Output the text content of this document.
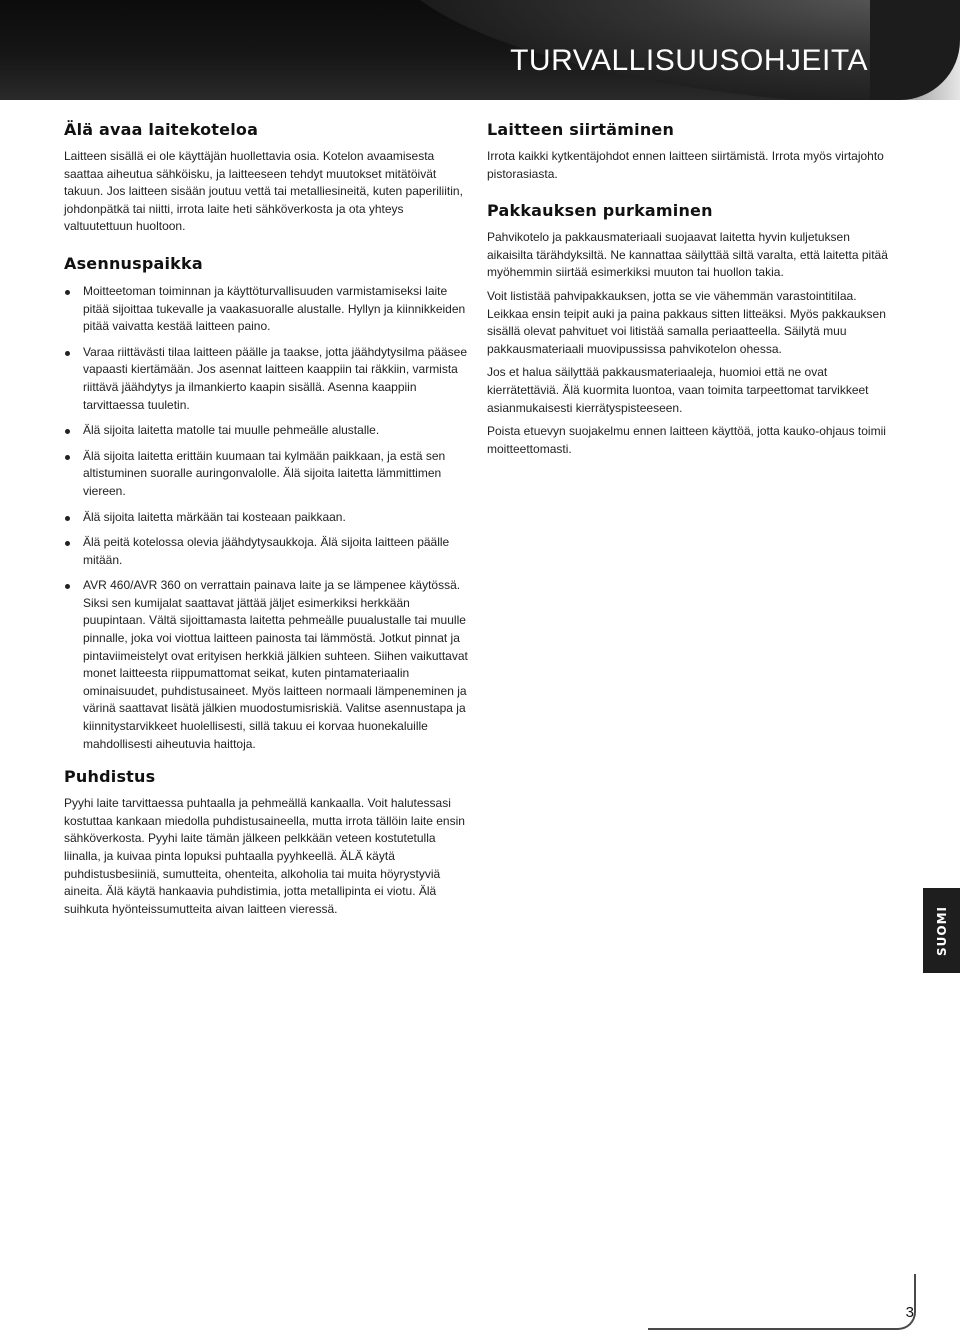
TURVALLISUUSOHJEITA
Älä avaa laitekoteloa

Laitteen sisällä ei ole käyttäjän huollettavia osia. Kotelon avaamisesta saattaa aiheutua sähköisku, ja laitteeseen tehdyt muutokset mitätöivät takuun. Jos laitteen sisään joutuu vettä tai metalliesineitä, kuten paperiliitin, johdonpätkä tai niitti, irrota laite heti sähköverkosta ja ota yhteys valtuutettuun huoltoon.

Asennuspaikka
Moitteetoman toiminnan ja käyttöturvallisuuden varmistamiseksi laite pitää sijoittaa tukevalle ja vaakasuoralle alustalle. Hyllyn ja kiinnikkeiden pitää vaivatta kestää laitteen paino.
Varaa riittävästi tilaa laitteen päälle ja taakse, jotta jäähdytysilma pääsee vapaasti kiertämään. Jos asennat laitteen kaappiin tai räkkiin, varmista riittävä jäähdytys ja ilmankierto kaapin sisällä. Asenna kaappiin tarvittaessa tuuletin.
Älä sijoita laitetta matolle tai muulle pehmeälle alustalle.
Älä sijoita laitetta erittäin kuumaan tai kylmään paikkaan, ja estä sen altistuminen suoralle auringonvalolle. Älä sijoita laitetta lämmittimen viereen.
Älä sijoita laitetta märkään tai kosteaan paikkaan.
Älä peitä kotelossa olevia jäähdytysaukkoja. Älä sijoita laitteen päälle mitään.
AVR 460/AVR 360 on verrattain painava laite ja se lämpenee käytössä. Siksi sen kumijalat saattavat jättää jäljet esimerkiksi herkkään puupintaan. Vältä sijoittamasta laitetta pehmeälle puualustalle tai muulle pinnalle, joka voi viottua laitteen painosta tai lämmöstä. Jotkut pinnat ja pintaviimeistelyt ovat erityisen herkkiä jälkien suhteen. Siihen vaikuttavat monet laitteesta riippumattomat seikat, kuten pintamateriaalin ominaisuudet, puhdistusaineet. Myös laitteen normaali lämpeneminen ja värinä saattavat lisätä jälkien muodostumisriskiä. Valitse asennustapa ja kiinnitystarvikkeet huolellisesti, sillä takuu ei korvaa huonekaluille mahdollisesti aiheutuvia haittoja.
Puhdistus

Pyyhi laite tarvittaessa puhtaalla ja pehmeällä kankaalla. Voit halutessasi kostuttaa kankaan miedolla puhdistusaineella, mutta irrota tällöin laite ensin sähköverkosta. Pyyhi laite tämän jälkeen pelkkään veteen kostutetulla liinalla, ja kuivaa pinta lopuksi puhtaalla pyyhkeellä. ÄLÄ käytä puhdistusbesiiniä, sumutteita, ohenteita, alkoholia tai muita höyrystyviä aineita. Älä käytä hankaavia puhdistimia, jotta metallipinta ei viotu. Älä suihkuta hyönteissumutteita aivan laitteen vieressä.

Laitteen siirtäminen

Irrota kaikki kytkentäjohdot ennen laitteen siirtämistä. Irrota myös virtajohto pistorasiasta.

Pakkauksen purkaminen

Pahvikotelo ja pakkausmateriaali suojaavat laitetta hyvin kuljetuksen aikaisilta tärähdyksiltä. Ne kannattaa säilyttää siltä varalta, että laitetta pitää myöhemmin siirtää esimerkiksi muuton tai huollon takia.

Voit lististää pahvipakkauksen, jotta se vie vähemmän varastointitilaa. Leikkaa ensin teipit auki ja paina pakkaus sitten litteäksi. Myös pakkauksen sisällä olevat pahvituet voi litistää samalla periaatteella. Säilytä muu pakkausmateriaali muovipussissa pahvikotelon ohessa.

Jos et halua säilyttää pakkausmateriaaleja, huomioi että ne ovat kierrätettäviä. Älä kuormita luontoa, vaan toimita tarpeettomat tarvikkeet asianmukaisesti kierrätyspisteeseen.

Poista etuevyn suojakelmu ennen laitteen käyttöä, jotta kauko-ohjaus toimii moitteettomasti.

SUOMI
3
